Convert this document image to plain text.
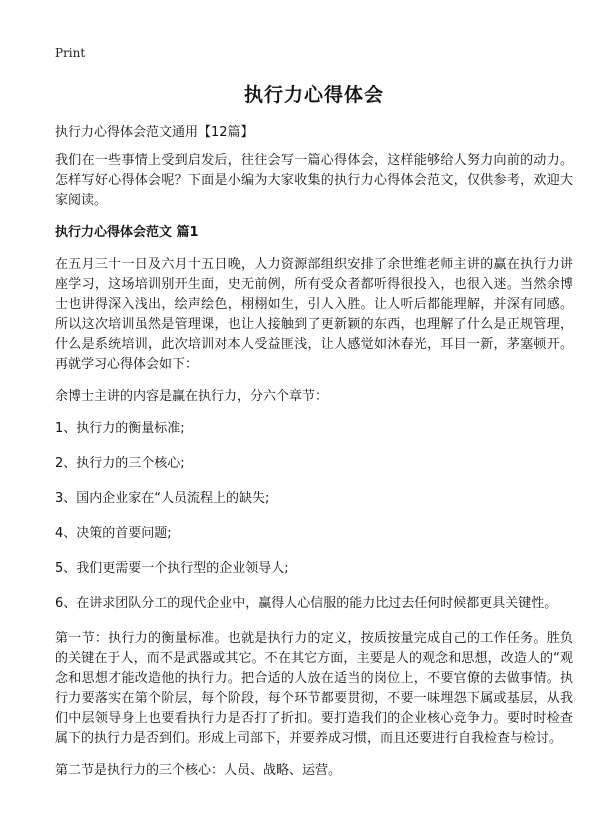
Print
执行力心得体会

执行力心得体会范文通用【12篇】

我们在一些事情上受到启发后，往往会写一篇心得体会，这样能够给人努力向前的动力。怎样写好心得体会呢？下面是小编为大家收集的执行力心得体会范文，仅供参考，欢迎大家阅读。

执行力心得体会范文 篇1

在五月三十一日及六月十五日晚，人力资源部组织安排了余世维老师主讲的赢在执行力讲座学习，这场培训别开生面，史无前例，所有受众者都听得很投入，也很入迷。当然余博士也讲得深入浅出，绘声绘色，栩栩如生，引人入胜。让人听后都能理解，并深有同感。所以这次培训虽然是管理课，也让人接触到了更新颖的东西，也理解了什么是正规管理，什么是系统培训，此次培训对本人受益匪浅，让人感觉如沐春光，耳目一新，茅塞顿开。再就学习心得体会如下：

余博士主讲的内容是赢在执行力，分六个章节：

1、执行力的衡量标准;

2、执行力的三个核心;

3、国内企业家在“人员流程上的缺失;

4、决策的首要问题;

5、我们更需要一个执行型的企业领导人;

6、在讲求团队分工的现代企业中，赢得人心信服的能力比过去任何时候都更具关键性。

第一节：执行力的衡量标准。也就是执行力的定义，按质按量完成自己的工作任务。胜负的关键在于人，而不是武器或其它。不在其它方面，主要是人的观念和思想，改造人的“观念和思想才能改造他的执行力。把合适的人放在适当的岗位上，不要官僚的去做事情。执行力要落实在第个阶层，每个阶段，每个环节都要贯彻，不要一味埋怨下属或基层，从我们中层领导身上也要看执行力是否打了折扣。要打造我们的企业核心竞争力。要时时检查属下的执行力是否到们。形成上司部下，并要养成习惯，而且还要进行自我检查与检讨。

第二节是执行力的三个核心：人员、战略、运营。
